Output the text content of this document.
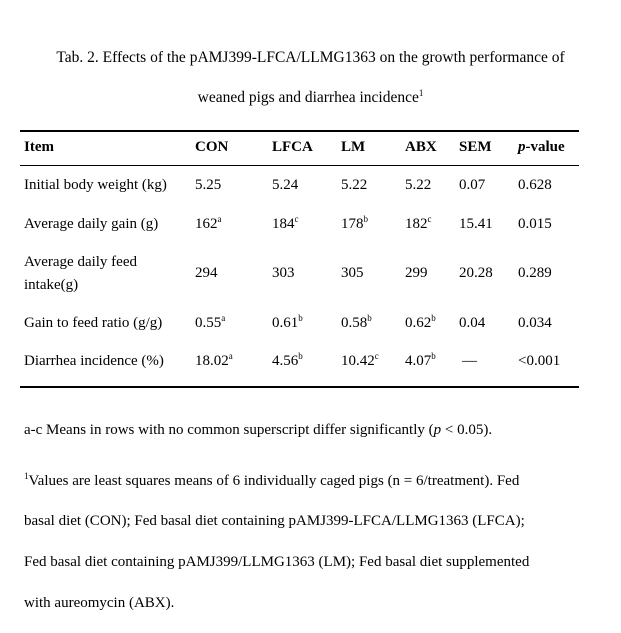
Tab. 2. Effects of the pAMJ399-LFCA/LLMG1363 on the growth performance of
weaned pigs and diarrhea incidence$^1$
Item	CON	LFCA LM	ABX SEM p-value
Initial body weight (kg) 5.25	5.24	5.22	5.22 0.07 0.628
Average daily gain (g) 162$^a$	184$^c$	178$^b$ 182$^c$ 15.41 0.015
Average daily feed
intake(g)
294	303	305	299 20.28 0.289
Gain to feed ratio (g/g) 0.55$^a$	0.61$^b$	0.58$^b$ 0.62$^b$ 0.04 0.034
Diarrhea incidence (%) 18.02$^a$	4.56$^b$	10.42$^c$ 4.07$^b$ —	<0.001
a-c Means in rows with no common superscript differ significantly (p < 0.05).
$^1$Values are least squares means of 6 individually caged pigs (n = 6/treatment). Fed
basal diet (CON); Fed basal diet containing pAMJ399-LFCA/LLMG1363 (LFCA);
Fed basal diet containing pAMJ399/LLMG1363 (LM); Fed basal diet supplemented
with aureomycin (ABX).
